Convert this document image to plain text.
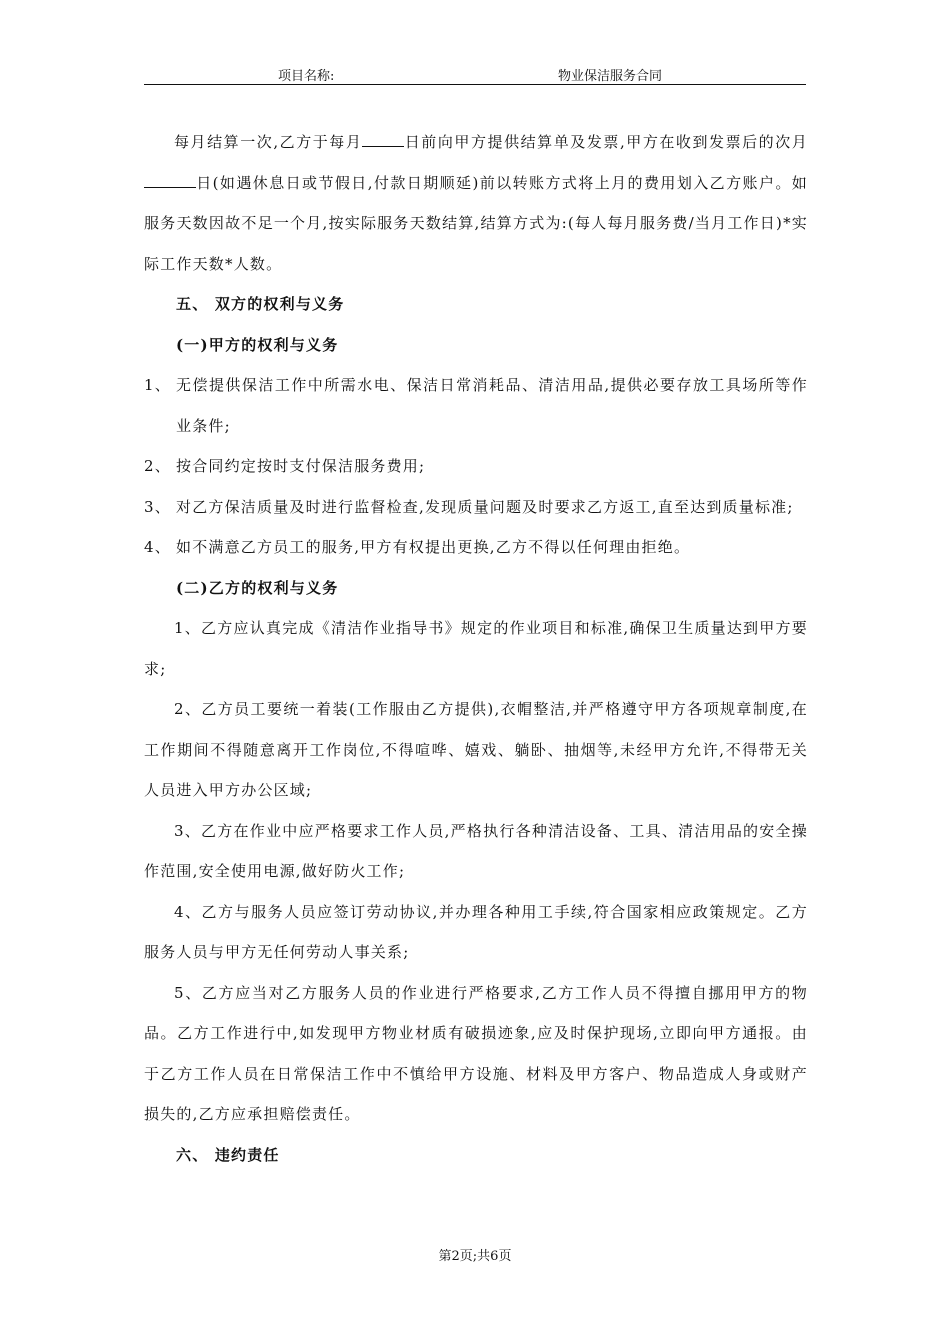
项目名称:	物业保洁服务合同

每月结算一次,乙方于每月	日前向甲方提供结算单及发票,甲方在收到发票后的次月日(如遇休息日或节假日,付款日期顺延)前以转账方式将上月的费用划入乙方账户。如服务天数因故不足一个月,按实际服务天数结算,结算方式为:(每人每月服务费/当月工作日)*实际工作天数*人数。

五、 双方的权利与义务

(一)甲方的权利与义务

1、 无偿提供保洁工作中所需水电、保洁日常消耗品、清洁用品,提供必要存放工具场所等作业条件;
2、 按合同约定按时支付保洁服务费用;
3、 对乙方保洁质量及时进行监督检查,发现质量问题及时要求乙方返工,直至达到质量标准;
4、 如不满意乙方员工的服务,甲方有权提出更换,乙方不得以任何理由拒绝。

(二)乙方的权利与义务

1、乙方应认真完成《清洁作业指导书》规定的作业项目和标准,确保卫生质量达到甲方要求;

2、乙方员工要统一着装(工作服由乙方提供),衣帽整洁,并严格遵守甲方各项规章制度,在工作期间不得随意离开工作岗位,不得喧哗、嬉戏、躺卧、抽烟等,未经甲方允许,不得带无关人员进入甲方办公区域;

3、乙方在作业中应严格要求工作人员,严格执行各种清洁设备、工具、清洁用品的安全操作范围,安全使用电源,做好防火工作;

4、乙方与服务人员应签订劳动协议,并办理各种用工手续,符合国家相应政策规定。乙方服务人员与甲方无任何劳动人事关系;

5、乙方应当对乙方服务人员的作业进行严格要求,乙方工作人员不得擅自挪用甲方的物品。乙方工作进行中,如发现甲方物业材质有破损迹象,应及时保护现场,立即向甲方通报。由于乙方工作人员在日常保洁工作中不慎给甲方设施、材料及甲方客户、物品造成人身或财产损失的,乙方应承担赔偿责任。

六、 违约责任

第2页;共6页
